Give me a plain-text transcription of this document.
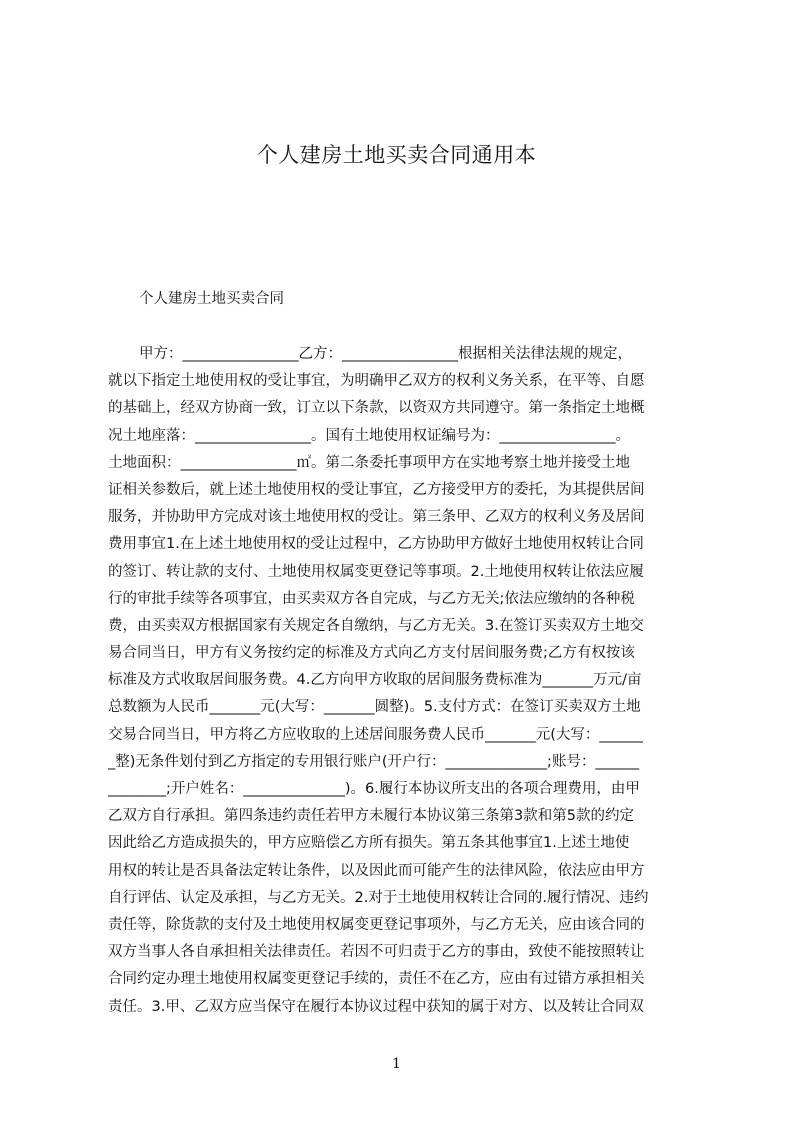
个人建房土地买卖合同通用本
个人建房土地买卖合同
甲方：________________乙方：________________根据相关法律法规的规定，
就以下指定土地使用权的受让事宜，为明确甲乙双方的权利义务关系，在平等、自愿
的基础上，经双方协商一致，订立以下条款，以资双方共同遵守。第一条指定土地概
况土地座落：________________。国有土地使用权证编号为：________________。
土地面积：________________㎡。第二条委托事项甲方在实地考察土地并接受土地
证相关参数后，就上述土地使用权的受让事宜，乙方接受甲方的委托，为其提供居间
服务，并协助甲方完成对该土地使用权的受让。第三条甲、乙双方的权利义务及居间
费用事宜1.在上述土地使用权的受让过程中，乙方协助甲方做好土地使用权转让合同
的签订、转让款的支付、土地使用权属变更登记等事项。2.土地使用权转让依法应履
行的审批手续等各项事宜，由买卖双方各自完成，与乙方无关;依法应缴纳的各种税
费，由买卖双方根据国家有关规定各自缴纳，与乙方无关。3.在签订买卖双方土地交
易合同当日，甲方有义务按约定的标准及方式向乙方支付居间服务费;乙方有权按该
标准及方式收取居间服务费。4.乙方向甲方收取的居间服务费标准为_______万元/亩
总数额为人民币_______元(大写：_______圆整)。5.支付方式：在签订买卖双方土地
交易合同当日，甲方将乙方应收取的上述居间服务费人民币_______元(大写：______
_整)无条件划付到乙方指定的专用银行账户(开户行：______________;账号：______
________;开户姓名：______________)。6.履行本协议所支出的各项合理费用，由甲
乙双方自行承担。第四条违约责任若甲方未履行本协议第三条第3款和第5款的约定
因此给乙方造成损失的，甲方应赔偿乙方所有损失。第五条其他事宜1.上述土地使
用权的转让是否具备法定转让条件，以及因此而可能产生的法律风险，依法应由甲方
自行评估、认定及承担，与乙方无关。2.对于土地使用权转让合同的.履行情况、违约
责任等，除货款的支付及土地使用权属变更登记事项外，与乙方无关，应由该合同的
双方当事人各自承担相关法律责任。若因不可归责于乙方的事由，致使不能按照转让
合同约定办理土地使用权属变更登记手续的，责任不在乙方，应由有过错方承担相关
责任。3.甲、乙双方应当保守在履行本协议过程中获知的属于对方、以及转让合同双
1
